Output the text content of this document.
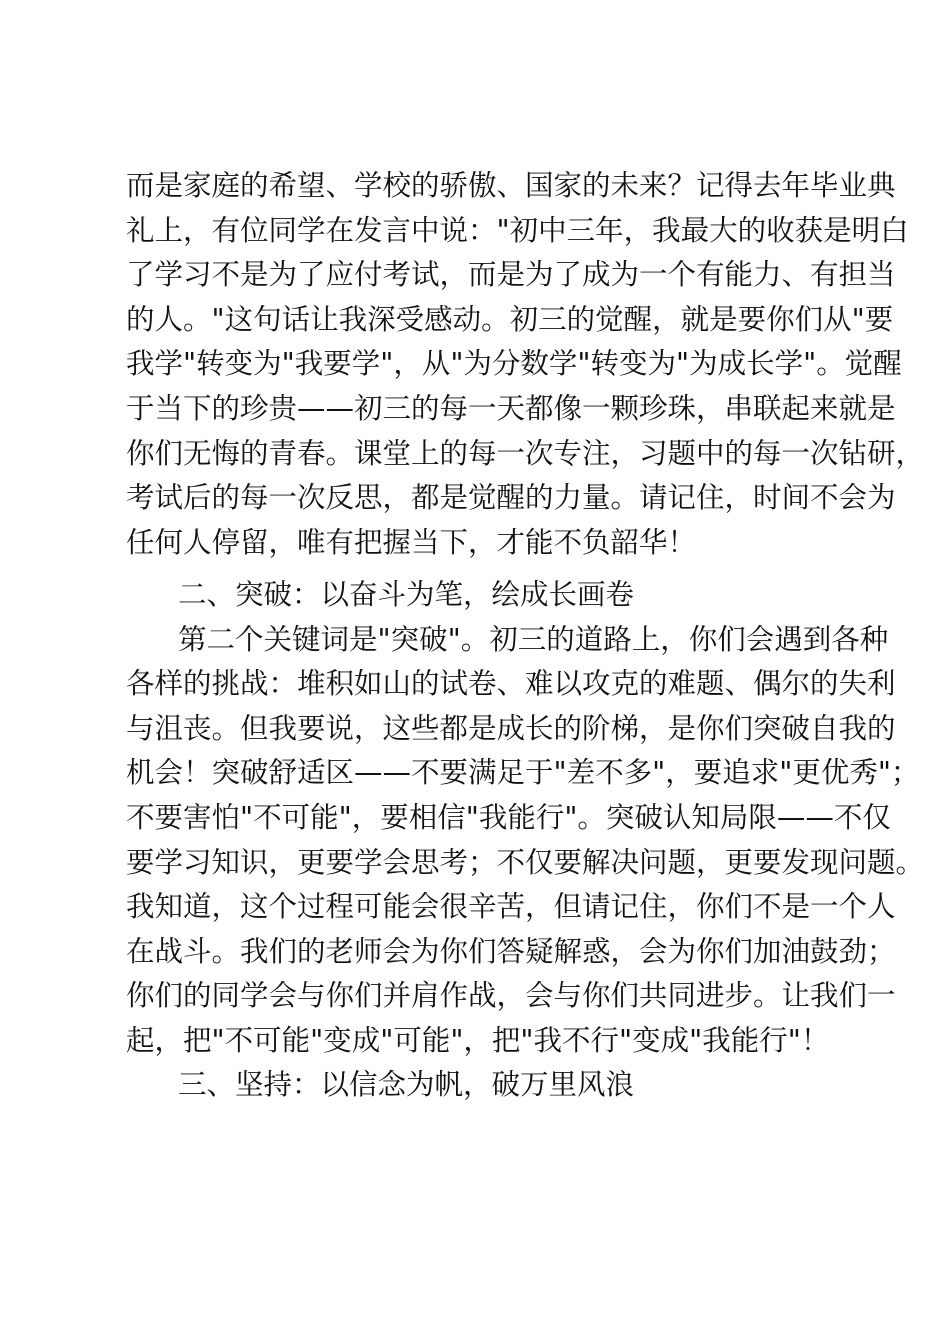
而是家庭的希望、学校的骄傲、国家的未来？记得去年毕业典
礼上，有位同学在发言中说："初中三年，我最大的收获是明白
了学习不是为了应付考试，而是为了成为一个有能力、有担当
的人。"这句话让我深受感动。初三的觉醒，就是要你们从"要
我学"转变为"我要学"，从"为分数学"转变为"为成长学"。觉醒
于当下的珍贵——初三的每一天都像一颗珍珠，串联起来就是
你们无悔的青春。课堂上的每一次专注，习题中的每一次钻研，
考试后的每一次反思，都是觉醒的力量。请记住，时间不会为
任何人停留，唯有把握当下，才能不负韶华！
二、突破：以奋斗为笔，绘成长画卷
第二个关键词是"突破"。初三的道路上，你们会遇到各种
各样的挑战：堆积如山的试卷、难以攻克的难题、偶尔的失利
与沮丧。但我要说，这些都是成长的阶梯，是你们突破自我的
机会！突破舒适区——不要满足于"差不多"，要追求"更优秀"；
不要害怕"不可能"，要相信"我能行"。突破认知局限——不仅
要学习知识，更要学会思考；不仅要解决问题，更要发现问题。
我知道，这个过程可能会很辛苦，但请记住，你们不是一个人
在战斗。我们的老师会为你们答疑解惑，会为你们加油鼓劲；
你们的同学会与你们并肩作战，会与你们共同进步。让我们一
起，把"不可能"变成"可能"，把"我不行"变成"我能行"！
三、坚持：以信念为帆，破万里风浪
